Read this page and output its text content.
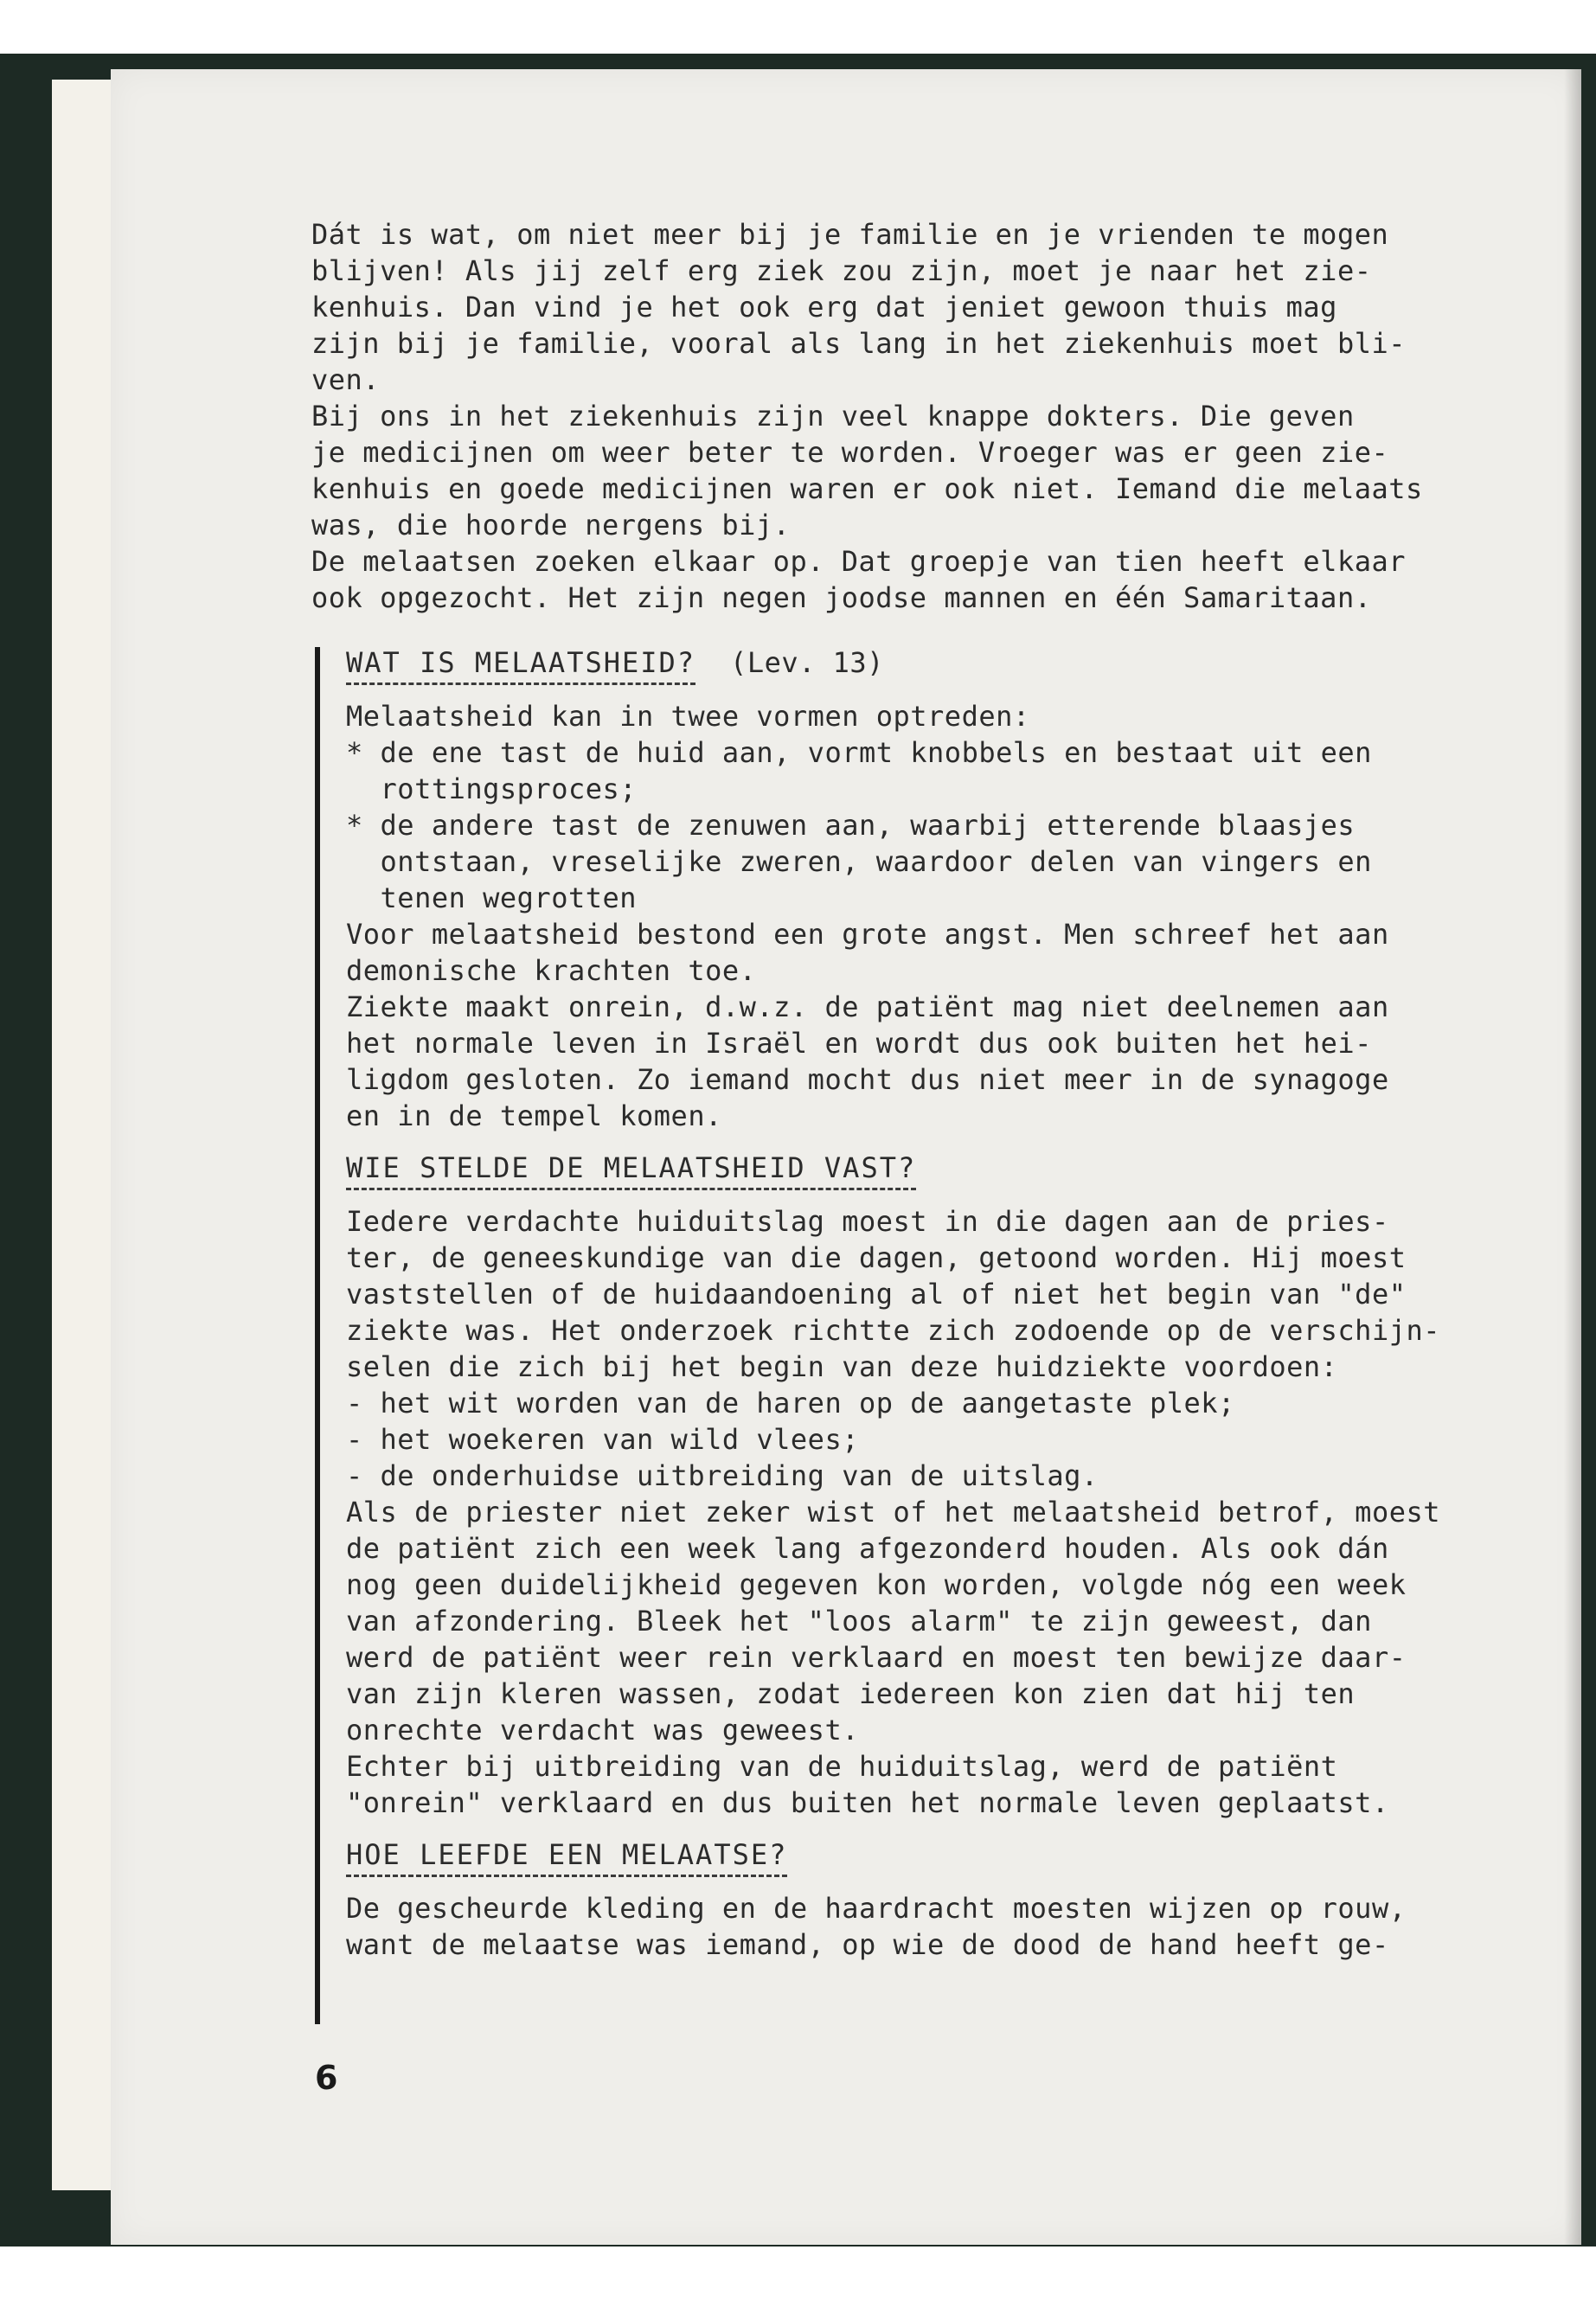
Dát is wat, om niet meer bij je familie en je vrienden te mogen
blijven! Als jij zelf erg ziek zou zijn, moet je naar het zie-
kenhuis. Dan vind je het ook erg dat jeniet gewoon thuis mag
zijn bij je familie, vooral als lang in het ziekenhuis moet bli-
ven.
Bij ons in het ziekenhuis zijn veel knappe dokters. Die geven
je medicijnen om weer beter te worden. Vroeger was er geen zie-
kenhuis en goede medicijnen waren er ook niet. Iemand die melaats
was, die hoorde nergens bij.
De melaatsen zoeken elkaar op. Dat groepje van tien heeft elkaar
ook opgezocht. Het zijn negen joodse mannen en één Samaritaan.
WAT IS MELAATSHEID? (Lev. 13)
Melaatsheid kan in twee vormen optreden:
* de ene tast de huid aan, vormt knobbels en bestaat uit een
rottingsproces;
* de andere tast de zenuwen aan, waarbij etterende blaasjes
ontstaan, vreselijke zweren, waardoor delen van vingers en
tenen wegrotten
Voor melaatsheid bestond een grote angst. Men schreef het aan
demonische krachten toe.
Ziekte maakt onrein, d.w.z. de patiënt mag niet deelnemen aan
het normale leven in Israël en wordt dus ook buiten het hei-
ligdom gesloten. Zo iemand mocht dus niet meer in de synagoge
en in de tempel komen.
WIE STELDE DE MELAATSHEID VAST?
Iedere verdachte huiduitslag moest in die dagen aan de pries-
ter, de geneeskundige van die dagen, getoond worden. Hij moest
vaststellen of de huidaandoening al of niet het begin van "de"
ziekte was. Het onderzoek richtte zich zodoende op de verschijn-
selen die zich bij het begin van deze huidziekte voordoen:
- het wit worden van de haren op de aangetaste plek;
- het woekeren van wild vlees;
- de onderhuidse uitbreiding van de uitslag.
Als de priester niet zeker wist of het melaatsheid betrof, moest
de patiënt zich een week lang afgezonderd houden. Als ook dán
nog geen duidelijkheid gegeven kon worden, volgde nóg een week
van afzondering. Bleek het "loos alarm" te zijn geweest, dan
werd de patiënt weer rein verklaard en moest ten bewijze daar-
van zijn kleren wassen, zodat iedereen kon zien dat hij ten
onrechte verdacht was geweest.
Echter bij uitbreiding van de huiduitslag, werd de patiënt
"onrein" verklaard en dus buiten het normale leven geplaatst.
HOE LEEFDE EEN MELAATSE?
De gescheurde kleding en de haardracht moesten wijzen op rouw,
want de melaatse was iemand, op wie de dood de hand heeft ge-
6
